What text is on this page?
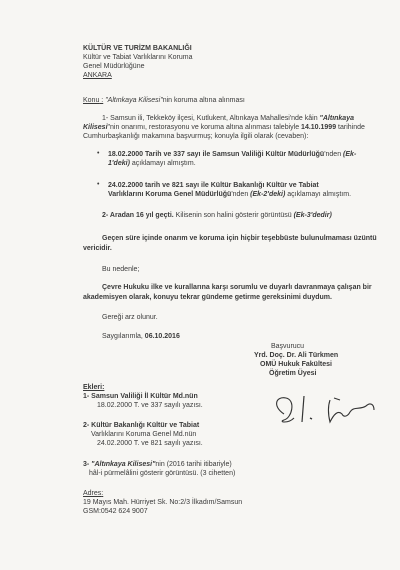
KÜLTÜR VE TURİZM BAKANLIĞI
Kültür ve Tabiat Varlıklarını Koruma
Genel Müdürlüğüne
ANKARA
Konu : "Altınkaya Kilisesi"nin koruma altına alınması
1- Samsun ili, Tekkeköy ilçesi, Kutlukent, Altınkaya Mahallesi'nde kâin "Altınkaya
Kilisesi"nin onarımı, restorasyonu ve koruma altına alınması talebiyle 14.10.1999 tarihinde
Cumhurbaşkanlığı makamına başvurmuş; konuyla ilgili olarak (cevaben):
• 18.02.2000 Tarih ve 337 sayı ile Samsun Valiliği Kültür Müdürlüğü'nden (Ek-
1'deki) açıklamayı almıştım.
• 24.02.2000 tarih ve 821 sayı ile Kültür Bakanlığı Kültür ve Tabiat
Varlıklarını Koruma Genel Müdürlüğü'nden (Ek-2'deki) açıklamayı almıştım.
2- Aradan 16 yıl geçti. Kilisenin son halini gösterir görüntüsü (Ek-3'dedir)
Geçen süre içinde onarım ve koruma için hiçbir teşebbüste bulunulmaması üzüntü
vericidir.
Bu nedenle;
Çevre Hukuku ilke ve kurallarına karşı sorumlu ve duyarlı davranmaya çalışan bir
akademisyen olarak, konuyu tekrar gündeme getirme gereksinimi duydum.
Gereği arz olunur.
Saygılarımla, 06.10.2016
Başvurucu
Yrd. Doç. Dr. Ali Türkmen
OMÜ Hukuk Fakültesi
Öğretim Üyesi
Ekleri:
1- Samsun Valiliği İl Kültür Md.nün
18.02.2000 T. ve 337 sayılı yazısı.
2- Kültür Bakanlığı Kültür ve Tabiat
Varlıklarını Koruma Genel Md.nün
24.02.2000 T. ve 821 sayılı yazısı.
3- "Altınkaya Kilisesi"nin (2016 tarihi itibariyle)
hâl-i pürmelâlini gösterir görüntüsü. (3 cihetten)
Adres:
19 Mayıs Mah. Hürriyet Sk. No:2/3 İlkadım/Samsun
GSM:0542 624 9007
